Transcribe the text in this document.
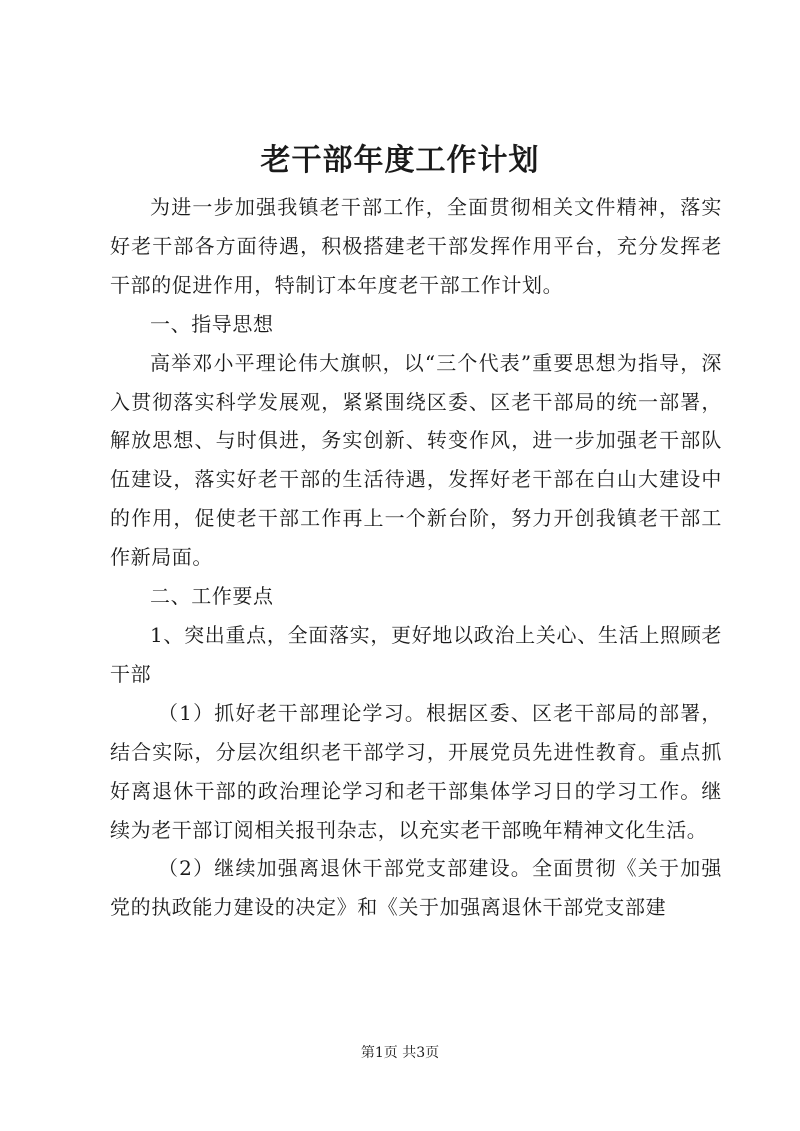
老干部年度工作计划

为进一步加强我镇老干部工作，全面贯彻相关文件精神，落实好老干部各方面待遇，积极搭建老干部发挥作用平台，充分发挥老干部的促进作用，特制订本年度老干部工作计划。

一、指导思想

高举邓小平理论伟大旗帜，以“三个代表”重要思想为指导，深入贯彻落实科学发展观，紧紧围绕区委、区老干部局的统一部署，解放思想、与时俱进，务实创新、转变作风，进一步加强老干部队伍建设，落实好老干部的生活待遇，发挥好老干部在白山大建设中的作用，促使老干部工作再上一个新台阶，努力开创我镇老干部工作新局面。

二、工作要点

1、突出重点，全面落实，更好地以政治上关心、生活上照顾老干部

（1）抓好老干部理论学习。根据区委、区老干部局的部署，结合实际，分层次组织老干部学习，开展党员先进性教育。重点抓好离退休干部的政治理论学习和老干部集体学习日的学习工作。继续为老干部订阅相关报刊杂志，以充实老干部晚年精神文化生活。

（2）继续加强离退休干部党支部建设。全面贯彻《关于加强党的执政能力建设的决定》和《关于加强离退休干部党支部建

第1页 共3页
